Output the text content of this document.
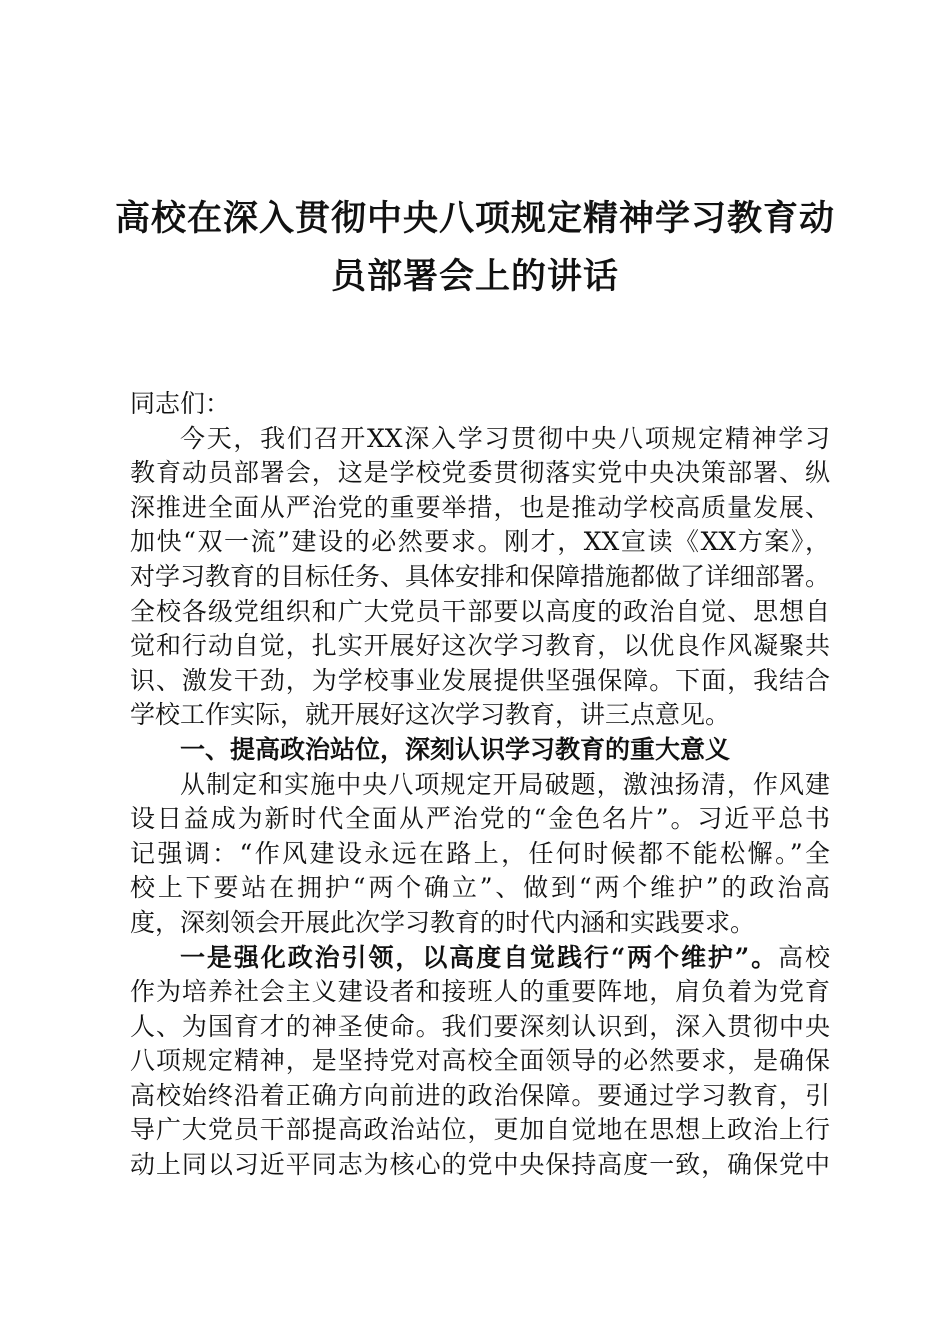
高校在深入贯彻中央八项规定精神学习教育动
员部署会上的讲话
同志们：
今天，我们召开XX深入学习贯彻中央八项规定精神学习
教育动员部署会，这是学校党委贯彻落实党中央决策部署、纵
深推进全面从严治党的重要举措，也是推动学校高质量发展、
加快“双一流”建设的必然要求。刚才，XX宣读《XX方案》，
对学习教育的目标任务、具体安排和保障措施都做了详细部署。
全校各级党组织和广大党员干部要以高度的政治自觉、思想自
觉和行动自觉，扎实开展好这次学习教育，以优良作风凝聚共
识、激发干劲，为学校事业发展提供坚强保障。下面，我结合
学校工作实际，就开展好这次学习教育，讲三点意见。
一、提高政治站位，深刻认识学习教育的重大意义
从制定和实施中央八项规定开局破题，激浊扬清，作风建
设日益成为新时代全面从严治党的“金色名片”。习近平总书
记强调：“作风建设永远在路上，任何时候都不能松懈。”全
校上下要站在拥护“两个确立”、做到“两个维护”的政治高
度，深刻领会开展此次学习教育的时代内涵和实践要求。
一是强化政治引领，以高度自觉践行“两个维护”。高校
作为培养社会主义建设者和接班人的重要阵地，肩负着为党育
人、为国育才的神圣使命。我们要深刻认识到，深入贯彻中央
八项规定精神，是坚持党对高校全面领导的必然要求，是确保
高校始终沿着正确方向前进的政治保障。要通过学习教育，引
导广大党员干部提高政治站位，更加自觉地在思想上政治上行
动上同以习近平同志为核心的党中央保持高度一致，确保党中
